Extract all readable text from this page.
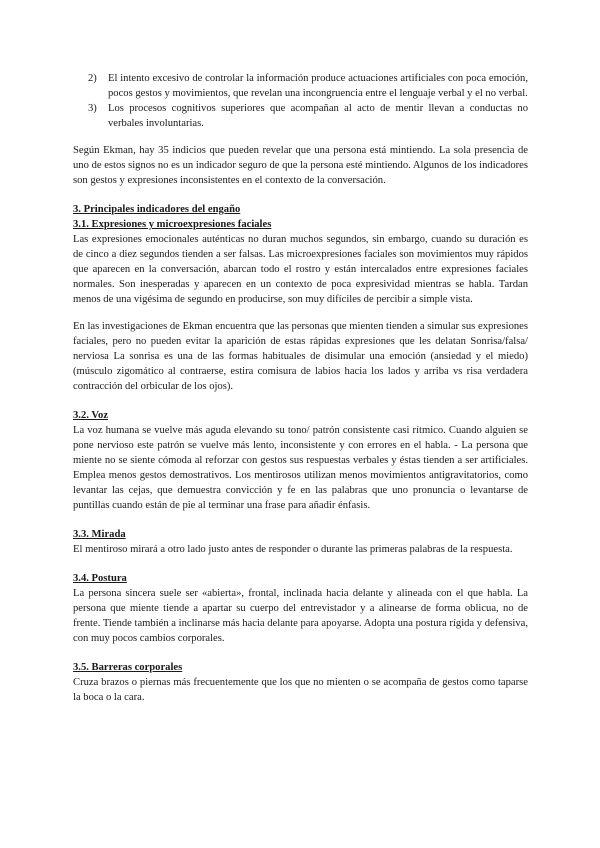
2) El intento excesivo de controlar la información produce actuaciones artificiales con poca emoción, pocos gestos y movimientos, que revelan una incongruencia entre el lenguaje verbal y el no verbal.
3) Los procesos cognitivos superiores que acompañan al acto de mentir llevan a conductas no verbales involuntarias.

Según Ekman, hay 35 indicios que pueden revelar que una persona está mintiendo. La sola presencia de uno de estos signos no es un indicador seguro de que la persona esté mintiendo. Algunos de los indicadores son gestos y expresiones inconsistentes en el contexto de la conversación.

3. Principales indicadores del engaño
3.1. Expresiones y microexpresiones faciales

Las expresiones emocionales auténticas no duran muchos segundos, sin embargo, cuando su duración es de cinco a diez segundos tienden a ser falsas. Las microexpresiones faciales son movimientos muy rápidos que aparecen en la conversación, abarcan todo el rostro y están intercalados entre expresiones faciales normales. Son inesperadas y aparecen en un contexto de poca expresividad mientras se habla. Tardan menos de una vigésima de segundo en producirse, son muy difíciles de percibir a simple vista.

En las investigaciones de Ekman encuentra que las personas que mienten tienden a simular sus expresiones faciales, pero no pueden evitar la aparición de estas rápidas expresiones que les delatan Sonrisa/falsa/ nerviosa La sonrisa es una de las formas habituales de disimular una emoción (ansiedad y el miedo) (músculo zigomático al contraerse, estira comisura de labios hacia los lados y arriba vs risa verdadera contracción del orbicular de los ojos).

3.2. Voz

La voz humana se vuelve más aguda elevando su tono/ patrón consistente casi rítmico. Cuando alguien se pone nervioso este patrón se vuelve más lento, inconsistente y con errores en el habla. - La persona que miente no se siente cómoda al reforzar con gestos sus respuestas verbales y éstas tienden a ser artificiales. Emplea menos gestos demostrativos. Los mentirosos utilizan menos movimientos antigravitatorios, como levantar las cejas, que demuestra convicción y fe en las palabras que uno pronuncia o levantarse de puntillas cuando están de pie al terminar una frase para añadir énfasis.

3.3. Mirada

El mentiroso mirará a otro lado justo antes de responder o durante las primeras palabras de la respuesta.

3.4. Postura

La persona sincera suele ser «abierta», frontal, inclinada hacia delante y alineada con el que habla. La persona que miente tiende a apartar su cuerpo del entrevistador y a alinearse de forma oblicua, no de frente. Tiende también a inclinarse más hacia delante para apoyarse. Adopta una postura rígida y defensiva, con muy pocos cambios corporales.

3.5. Barreras corporales

Cruza brazos o piernas más frecuentemente que los que no mienten o se acompaña de gestos como taparse la boca o la cara.
